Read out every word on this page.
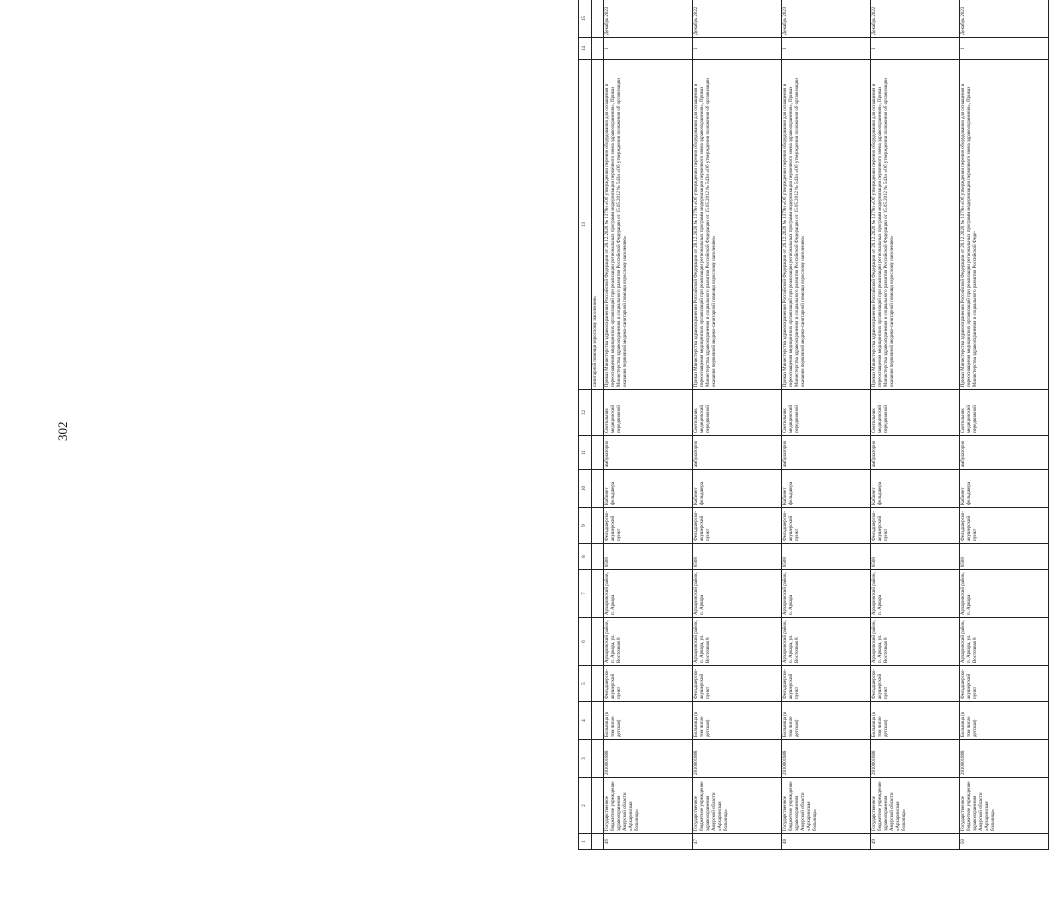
302
1	2	3	4	5	6	7	8	9	10	11	12	13	14	15
												санитарной помощи взрослому населению»		
46	Государственное бюджетное учреждение здравоохранения Амурской области «Архаринская больница»	2810001888	Больница (в том числе детская)	Фельдшерско-акушерский пункт	Архаринский район, п. Аркара, ул. Восточная 8	Архаринский район, п. Аркара	8508	Фельдшерско-акушерский пункт	Кабинет фельдшера	амбулаторно	Светильник медицинский передвижной	Приказ Министерства здравоохранения Российской Федерации от 28.12.2020 № 1379н «Об утверждении перечня оборудования для оснащения и переоснащения медицинских организаций при реализации региональных программ модернизации первичного звена здравоохранения», Приказ Министерства здравоохранения и социального развития Российской Федерации от 15.05.2012 № 543н «Об утверждении положения об организации оказания первичной медико-санитарной помощи взрослому населению»	1	Декабрь 2023
47	Государственное бюджетное учреждение здравоохранения Амурской области «Архаринская больница»	2810001888	Больница (в том числе детская)	Фельдшерско-акушерский пункт	Архаринский район, п. Аркара, ул. Восточная 8	Архаринский район, п. Аркара	8508	Фельдшерско-акушерский пункт	Кабинет фельдшера	амбулаторно	Светильник медицинский передвижной	Приказ Министерства здравоохранения Российской Федерации от 28.12.2020 № 1379н «Об утверждении перечня оборудования для оснащения и переоснащения медицинских организаций при реализации региональных программ модернизации первичного звена здравоохранения», Приказ Министерства здравоохранения и социального развития Российской Федерации от 15.05.2012 № 543н «Об утверждении положения об организации оказания первичной медико-санитарной помощи взрослому населению»	1	Декабрь 2022
48	Государственное бюджетное учреждение здравоохранения Амурской области «Архаринская больница»	2810001888	Больница (в том числе детская)	Фельдшерско-акушерский пункт	Архаринский район, п. Аркара, ул. Восточная 8	Архаринский район, п. Аркара	8508	Фельдшерско-акушерский пункт	Кабинет фельдшера	амбулаторно	Светильник медицинский передвижной	Приказ Министерства здравоохранения Российской Федерации от 28.12.2020 № 1379н «Об утверждении перечня оборудования для оснащения и переоснащения медицинских организаций при реализации региональных программ модернизации первичного звена здравоохранения», Приказ Министерства здравоохранения и социального развития Российской Федерации от 15.05.2012 № 543н «Об утверждении положения об организации оказания первичной медико-санитарной помощи взрослому населению»	1	Декабрь 2023
49	Государственное бюджетное учреждение здравоохранения Амурской области «Архаринская больница»	2810001888	Больница (в том числе детская)	Фельдшерско-акушерский пункт	Архаринский район, п. Аркара, ул. Восточная 8	Архаринский район, п. Аркара	8508	Фельдшерско-акушерский пункт	Кабинет фельдшера	амбулаторно	Светильник медицинский передвижной	Приказ Министерства здравоохранения Российской Федерации от 28.12.2020 № 1379н «Об утверждении перечня оборудования для оснащения и переоснащения медицинских организаций при реализации региональных программ модернизации первичного звена здравоохранения», Приказ Министерства здравоохранения и социального развития Российской Федерации от 15.05.2012 № 543н «Об утверждении положения об организации оказания первичной медико-санитарной помощи взрослому населению»	1	Декабрь 2022
50	Государственное бюджетное учреждение здравоохранения Амурской области «Архаринская больница»	2810001888	Больница (в том числе детская)	Фельдшерско-акушерский пункт	Архаринский район, п. Аркара, ул. Восточная 8	Архаринский район, п. Аркара	8508	Фельдшерско-акушерский пункт	Кабинет фельдшера	амбулаторно	Светильник медицинский передвижной	Приказ Министерства здравоохранения Российской Федерации от 28.12.2020 № 1379н «Об утверждении перечня оборудования для оснащения и переоснащения медицинских организаций при реализации региональных программ модернизации первичного звена здравоохранения», Приказ Министерства здравоохранения и социального развития Российской Феде-	1	Декабрь 2023
